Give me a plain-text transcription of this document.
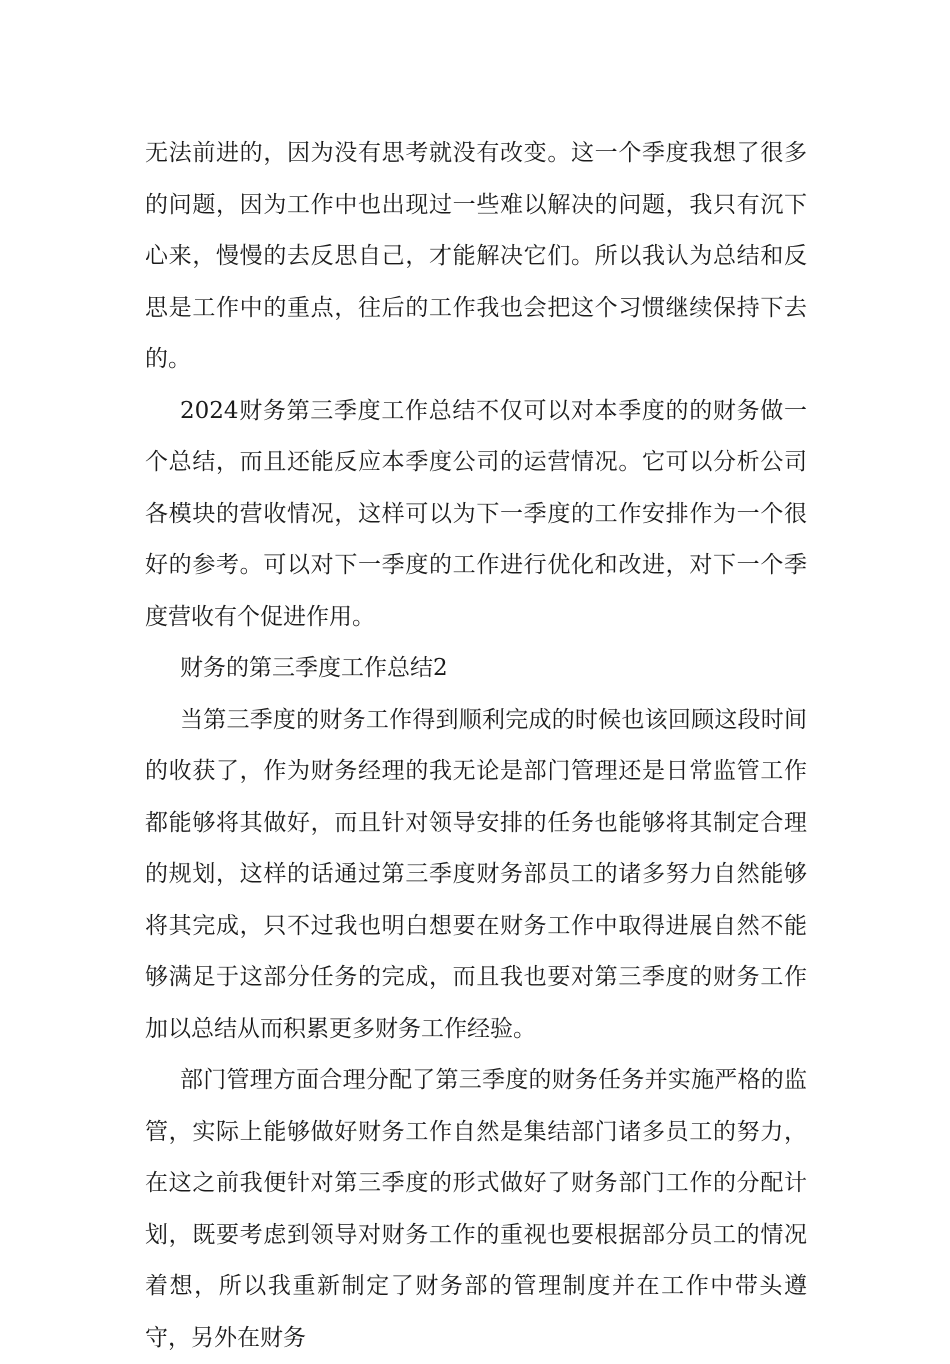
无法前进的，因为没有思考就没有改变。这一个季度我想了很多的问题，因为工作中也出现过一些难以解决的问题，我只有沉下心来，慢慢的去反思自己，才能解决它们。所以我认为总结和反思是工作中的重点，往后的工作我也会把这个习惯继续保持下去的。

2024财务第三季度工作总结不仅可以对本季度的的财务做一个总结，而且还能反应本季度公司的运营情况。它可以分析公司各模块的营收情况，这样可以为下一季度的工作安排作为一个很好的参考。可以对下一季度的工作进行优化和改进，对下一个季度营收有个促进作用。

财务的第三季度工作总结2

当第三季度的财务工作得到顺利完成的时候也该回顾这段时间的收获了，作为财务经理的我无论是部门管理还是日常监管工作都能够将其做好，而且针对领导安排的任务也能够将其制定合理的规划，这样的话通过第三季度财务部员工的诸多努力自然能够将其完成，只不过我也明白想要在财务工作中取得进展自然不能够满足于这部分任务的完成，而且我也要对第三季度的财务工作加以总结从而积累更多财务工作经验。

部门管理方面合理分配了第三季度的财务任务并实施严格的监管，实际上能够做好财务工作自然是集结部门诸多员工的努力，在这之前我便针对第三季度的形式做好了财务部门工作的分配计划，既要考虑到领导对财务工作的重视也要根据部分员工的情况着想，所以我重新制定了财务部的管理制度并在工作中带头遵守，另外在财务
